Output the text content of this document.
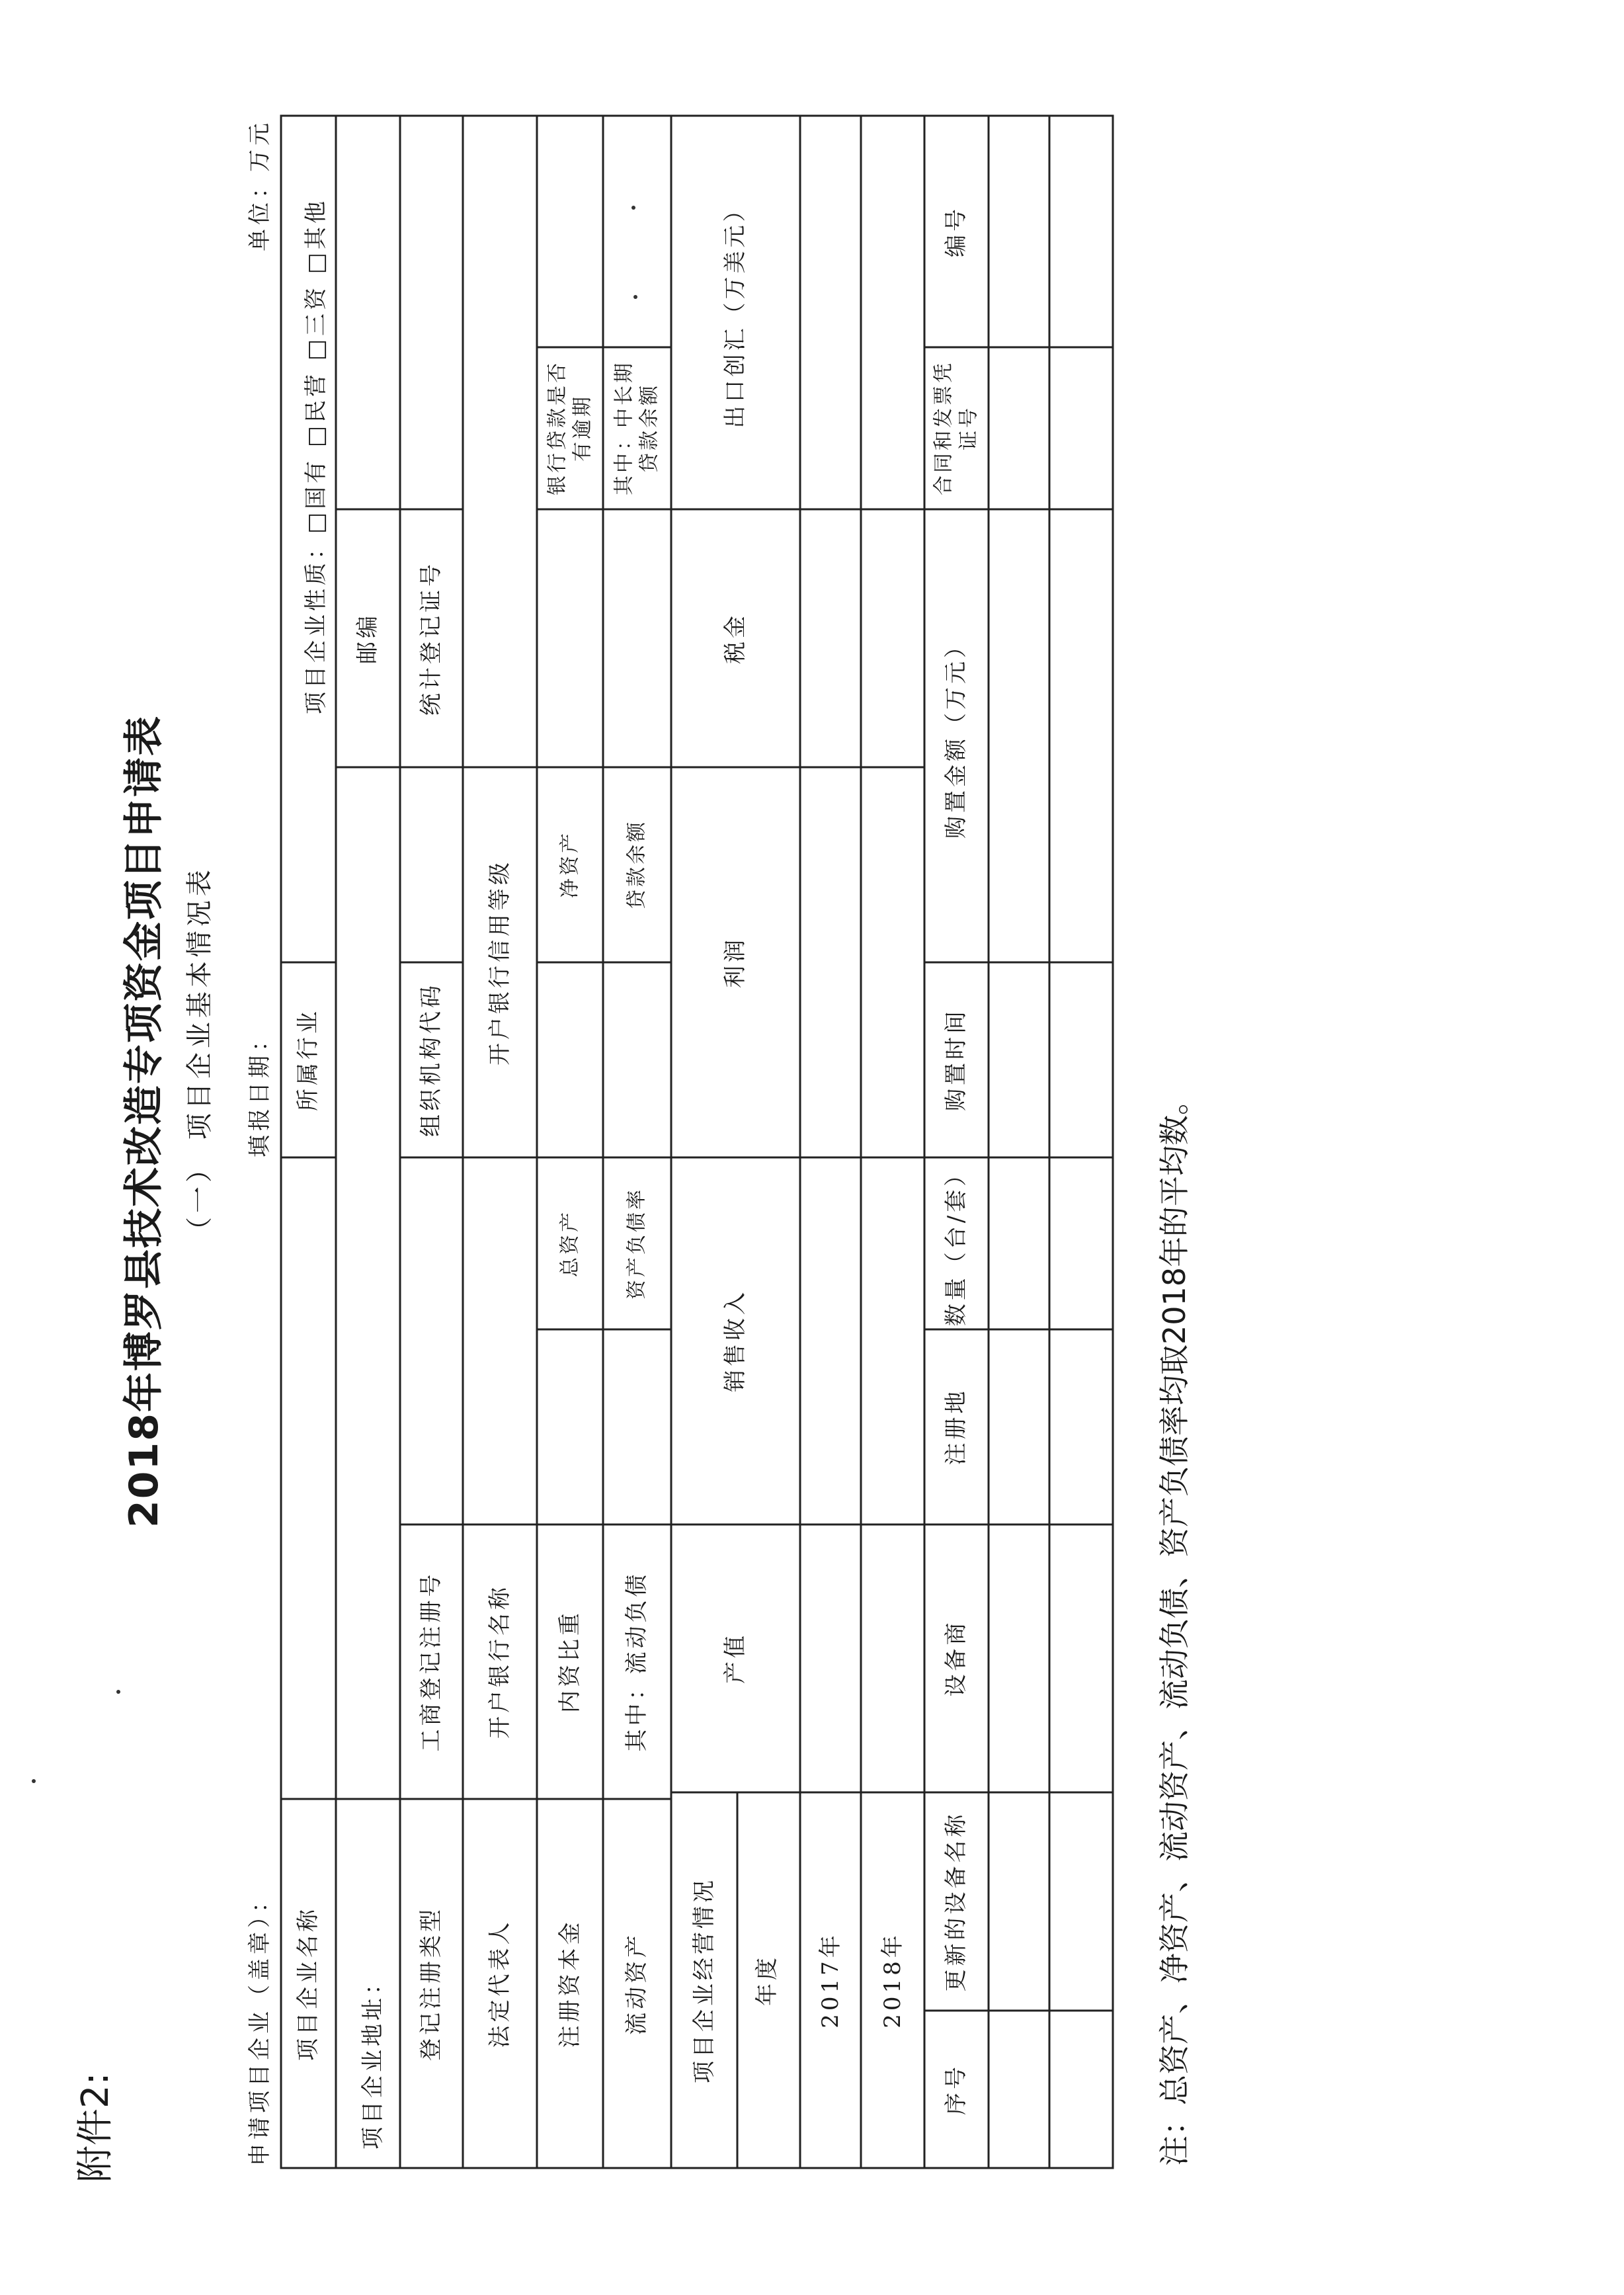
附件2:
2018年博罗县技术改造专项资金项目申请表 （一） 项目企业基本情况表
申请项目企业（盖章）：
填报日期：
单位：万元
项目企业名称
所属行业
项目企业性质：□国有 □民营 □三资 □其他
项目企业地址：
邮编
登记注册类型
工商登记注册号
组织机构代码
统计登记证号
法定代表人
开户银行名称
开户银行信用等级
注册资本金
内资比重
总资产
净资产
银行贷款是否
有逾期
流动资产
其中：流动负债
资产负债率
贷款余额
其中：中长期
贷款余额
项目企业经营情况 年度
产值
销售收入
利润
税金
出口创汇（万美元）
2017年 2018年
序号
更新的设备名称
设备商
注册地
数量（台/套）
购置时间
购置金额（万元）
合同和发票凭
证号
编号
注：总资产、净资产、流动资产、流动负债、资产负债率均取2018年的平均数。
